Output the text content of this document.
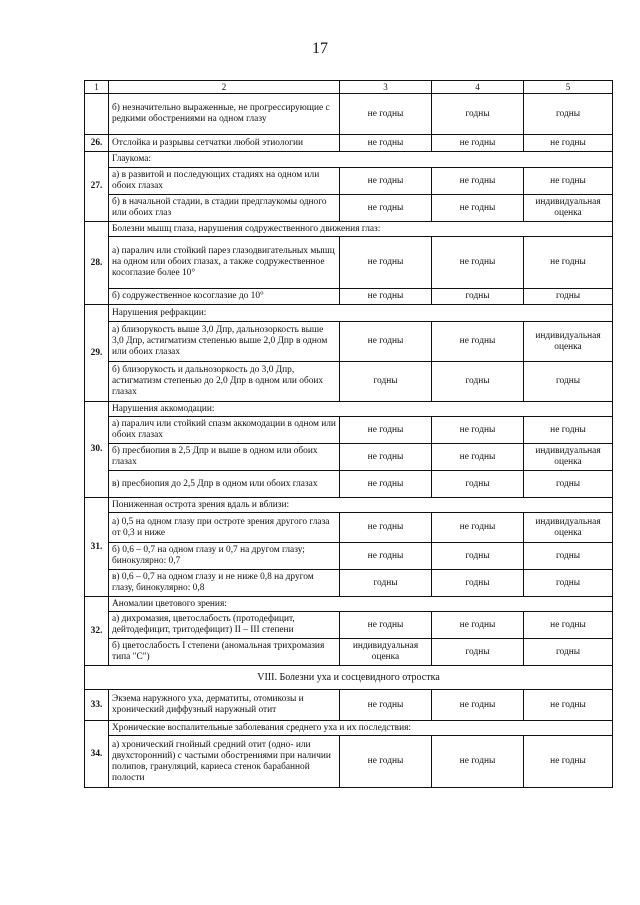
17
1	2	3	4	5
	б) незначительно выраженные, не прогрессирующие с редкими обострениями на одном глазу	не годны	годны	годны
26.	Отслойка и разрывы сетчатки любой этиологии	не годны	не годны	не годны
27.	Глаукома:			
	а) в развитой и последующих стадиях на одном или обоих глазах	не годны	не годны	не годны
	б) в начальной стадии, в стадии предглаукомы одного или обоих глаз	не годны	не годны	индивидуальная оценка
28.	Болезни мышц глаза, нарушения содружественного движения глаз:			
	а) паралич или стойкий парез глазодвигательных мышц на одном или обоих глазах, а также содружественное косоглазие более 10°	не годны	не годны	не годны
	б) содружественное косоглазие до 10°	не годны	годны	годны
29.	Нарушения рефракции:			
	а) близорукость выше 3,0 Дпр, дальнозоркость выше 3,0 Дпр, астигматизм степенью выше 2,0 Дпр в одном или обоих глазах	не годны	не годны	индивидуальная оценка
	б) близорукость и дальнозоркость до 3,0 Дпр, астигматизм степенью до 2,0 Дпр в одном или обоих глазах	годны	годны	годны
30.	Нарушения аккомодации:			
	а) паралич или стойкий спазм аккомодации в одном или обоих глазах	не годны	не годны	не годны
	б) пресбиопия в 2,5 Дпр и выше в одном или обоих глазах	не годны	не годны	индивидуальная оценка
	в) пресбиопия до 2,5 Дпр в одном или обоих глазах	не годны	годны	годны
31.	Пониженная острота зрения вдаль и вблизи:			
	а) 0,5 на одном глазу при остроте зрения другого глаза от 0,3 и ниже	не годны	не годны	индивидуальная оценка
	б) 0,6 – 0,7 на одном глазу и 0,7 на другом глазу; бинокулярно: 0,7	не годны	годны	годны
	в) 0,6 – 0,7 на одном глазу и не ниже 0,8 на другом глазу, бинокулярно: 0,8	годны	годны	годны
32.	Аномалии цветового зрения:			
	а) дихромазия, цветослабость (протодефицит, дейтодефицит, тритодефицит) II – III степени	не годны	не годны	не годны
	б) цветослабость I степени (аномальная трихромазия типа "С")	индивидуальная оценка	годны	годны
VIII. Болезни уха и сосцевидного отростка				
33.	Экзема наружного уха, дерматиты, отомикозы и хронический диффузный наружный отит	не годны	не годны	не годны
34.	Хронические воспалительные заболевания среднего уха и их последствия:			
	а) хронический гнойный средний отит (одно- или двухсторонний) с частыми обострениями при наличии полипов, грануляций, кариеса стенок барабанной полости	не годны	не годны	не годны
